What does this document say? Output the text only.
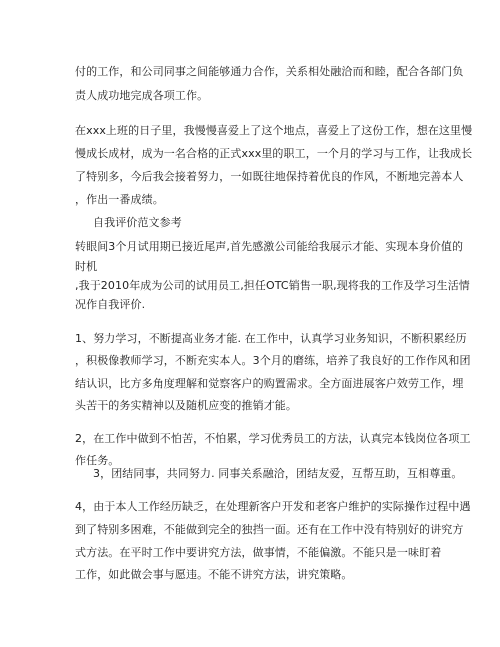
付的工作，和公司同事之间能够通力合作，关系相处融洽而和睦，配合各部门负
责人成功地完成各项工作。
在xxx上班的日子里，我慢慢喜爱上了这个地点，喜爱上了这份工作，想在这里慢
慢成长成材，成为一名合格的正式xxx里的职工，一个月的学习与工作，让我成长
了特别多，今后我会接着努力，一如既往地保持着优良的作风，不断地完善本人
，作出一番成绩。
自我评价范文参考
转眼间3个月试用期已接近尾声,首先感激公司能给我展示才能、实现本身价值的
时机
,我于2010年成为公司的试用员工,担任OTC销售一职,现将我的工作及学习生活情
况作自我评价.
1、努力学习，不断提高业务才能. 在工作中，认真学习业务知识，不断积累经历
，积极像教师学习，不断充实本人。3个月的磨练，培养了我良好的工作作风和团
结认识，比方多角度理解和觉察客户的购置需求。全方面进展客户效劳工作，埋
头苦干的务实精神以及随机应变的推销才能。
2，在工作中做到不怕苦，不怕累，学习优秀员工的方法，认真完本钱岗位各项工
作任务。
3，团结同事，共同努力. 同事关系融洽，团结友爱，互帮互助，互相尊重。
4，由于本人工作经历缺乏，在处理新客户开发和老客户维护的实际操作过程中遇
到了特别多困难，不能做到完全的独挡一面。还有在工作中没有特别好的讲究方
式方法。在平时工作中要讲究方法，做事情，不能偏激。不能只是一味盯着
工作，如此做会事与愿违。不能不讲究方法，讲究策略。
